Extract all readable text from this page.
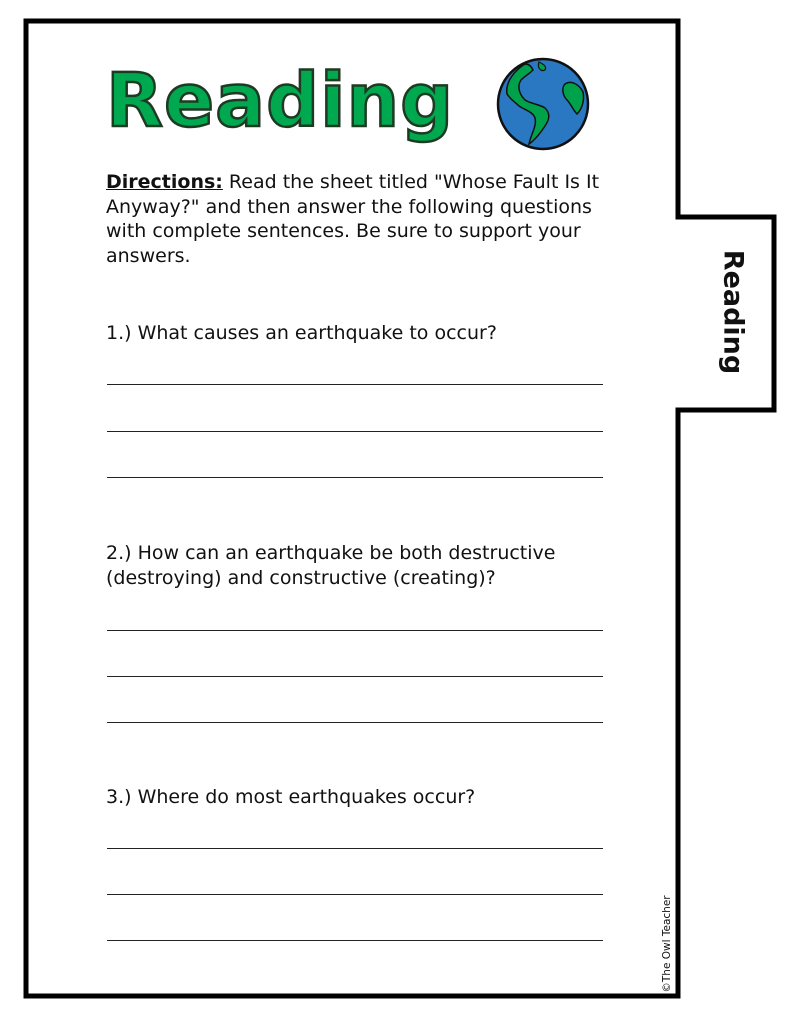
Reading
Directions: Read the sheet titled "Whose Fault Is It Anyway?" and then answer the following questions with complete sentences. Be sure to support your answers.
1.) What causes an earthquake to occur?
2.) How can an earthquake be both destructive (destroying) and constructive (creating)?
3.) Where do most earthquakes occur?
Reading
©The Owl Teacher
